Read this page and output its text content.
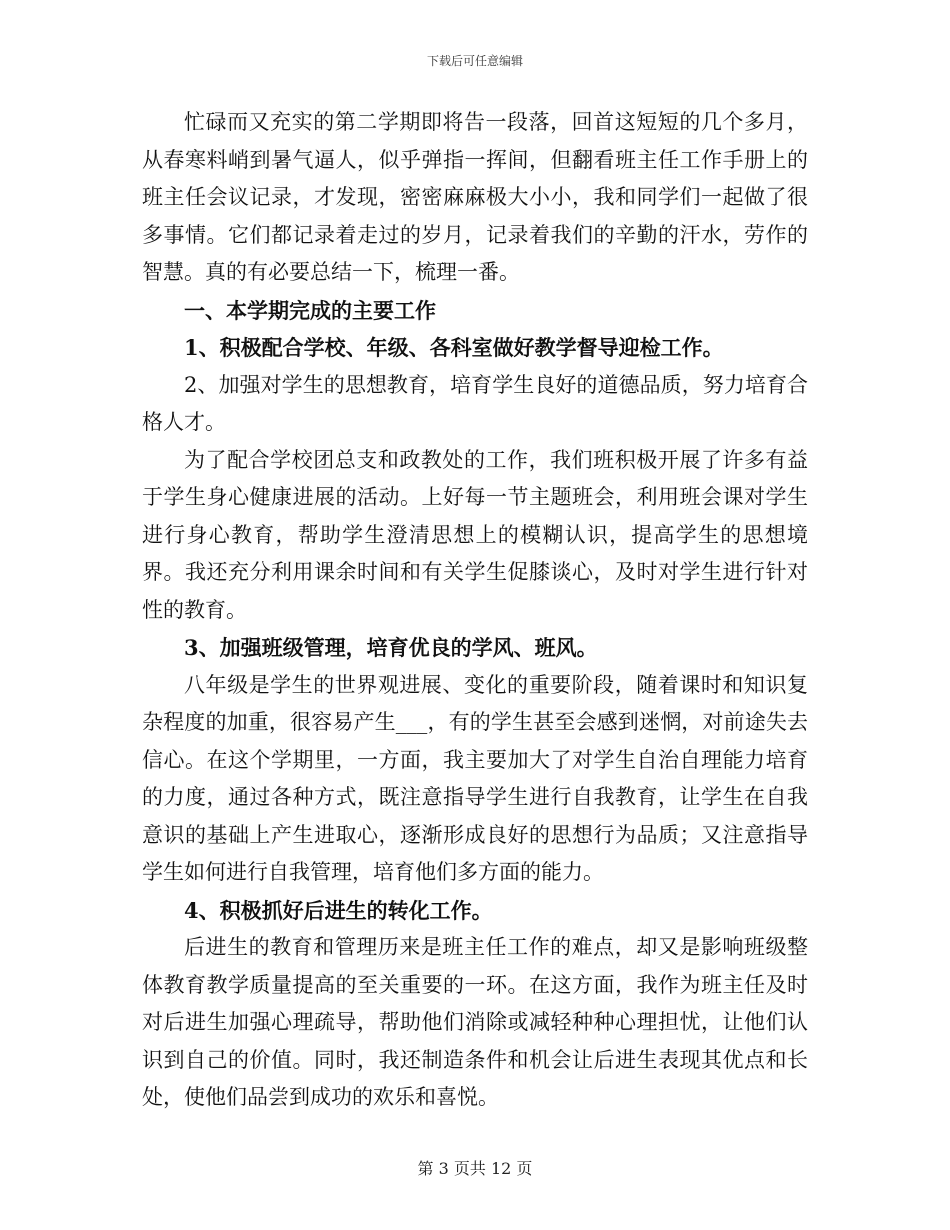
下载后可任意编辑

忙碌而又充实的第二学期即将告一段落，回首这短短的几个多月，从春寒料峭到暑气逼人，似乎弹指一挥间，但翻看班主任工作手册上的班主任会议记录，才发现，密密麻麻极大小小，我和同学们一起做了很多事情。它们都记录着走过的岁月，记录着我们的辛勤的汗水，劳作的智慧。真的有必要总结一下，梳理一番。

一、本学期完成的主要工作

1、积极配合学校、年级、各科室做好教学督导迎检工作。

2、加强对学生的思想教育，培育学生良好的道德品质，努力培育合格人才。

为了配合学校团总支和政教处的工作，我们班积极开展了许多有益于学生身心健康进展的活动。上好每一节主题班会，利用班会课对学生进行身心教育，帮助学生澄清思想上的模糊认识，提高学生的思想境界。我还充分利用课余时间和有关学生促膝谈心，及时对学生进行针对性的教育。

3、加强班级管理，培育优良的学风、班风。

八年级是学生的世界观进展、变化的重要阶段，随着课时和知识复杂程度的加重，很容易产生___，有的学生甚至会感到迷惘，对前途失去信心。在这个学期里，一方面，我主要加大了对学生自治自理能力培育的力度，通过各种方式，既注意指导学生进行自我教育，让学生在自我意识的基础上产生进取心，逐渐形成良好的思想行为品质；又注意指导学生如何进行自我管理，培育他们多方面的能力。

4、积极抓好后进生的转化工作。

后进生的教育和管理历来是班主任工作的难点，却又是影响班级整体教育教学质量提高的至关重要的一环。在这方面，我作为班主任及时对后进生加强心理疏导，帮助他们消除或减轻种种心理担忧，让他们认识到自己的价值。同时，我还制造条件和机会让后进生表现其优点和长处，使他们品尝到成功的欢乐和喜悦。

第 3 页共 12 页
